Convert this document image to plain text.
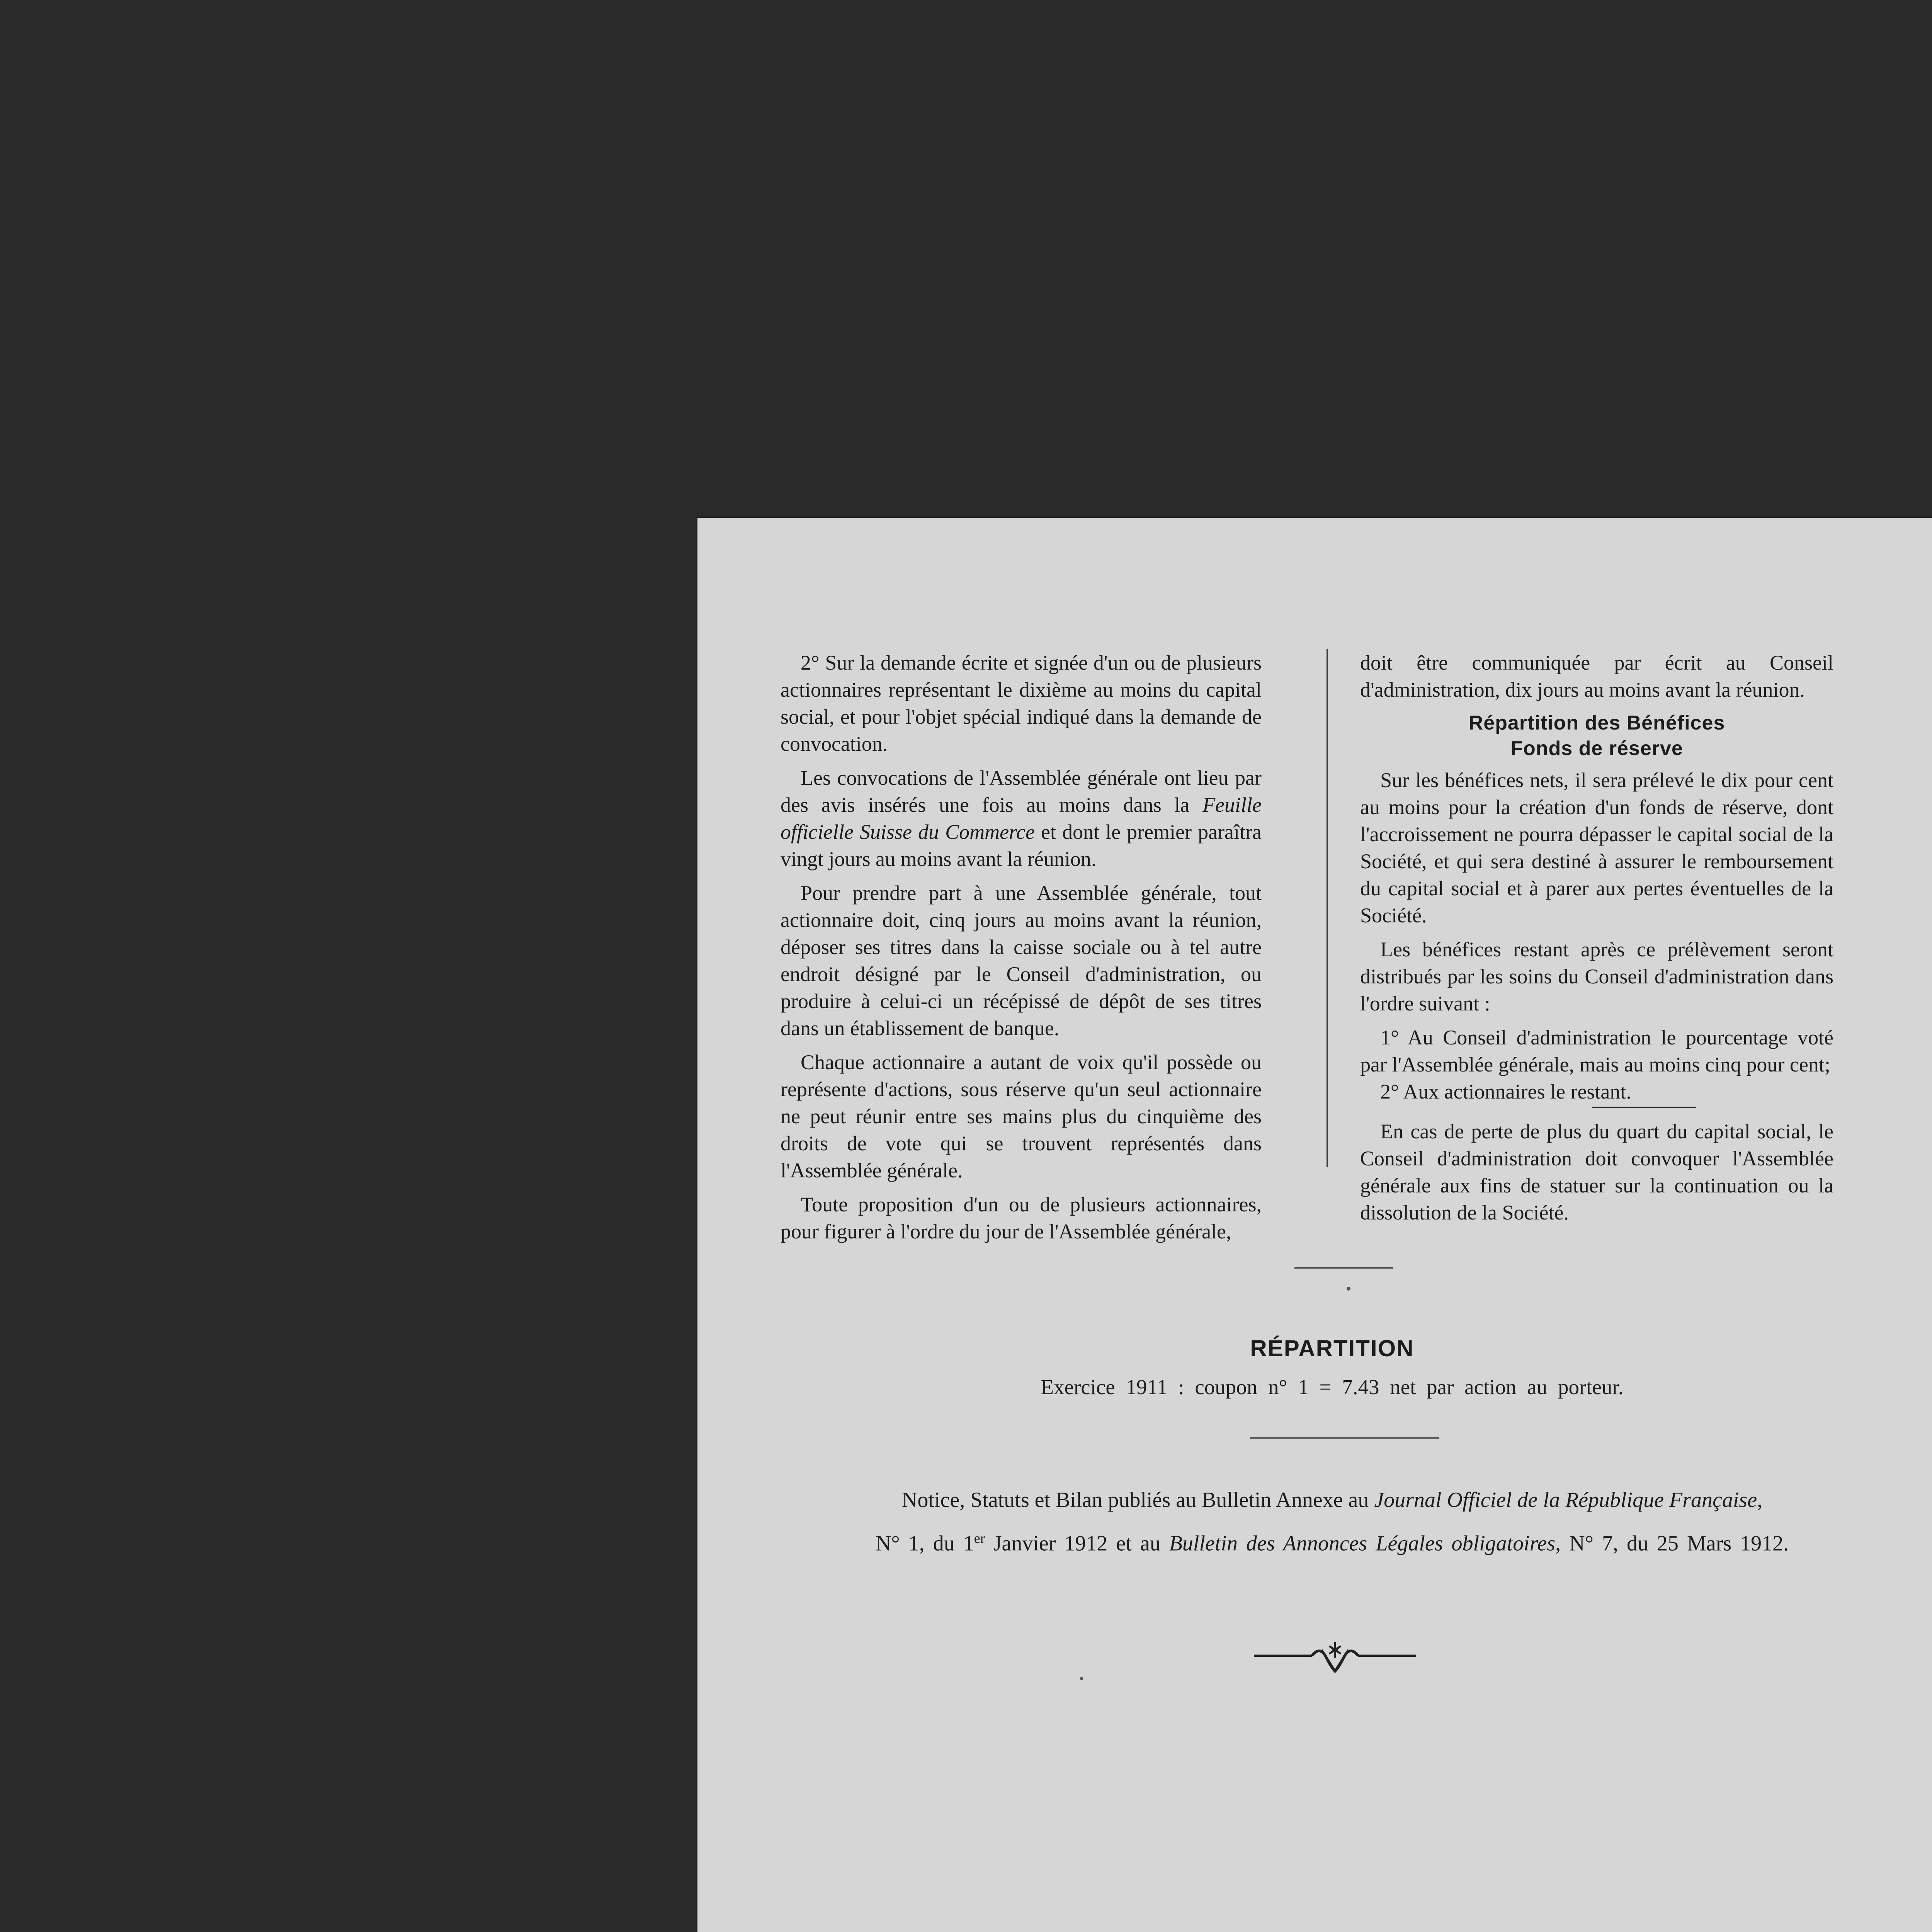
2° Sur la demande écrite et signée d'un ou de plusieurs actionnaires représentant le dixième au moins du capital social, et pour l'objet spécial indiqué dans la demande de convocation.

Les convocations de l'Assemblée générale ont lieu par des avis insérés une fois au moins dans la Feuille officielle Suisse du Commerce et dont le premier paraîtra vingt jours au moins avant la réunion.

Pour prendre part à une Assemblée générale, tout actionnaire doit, cinq jours au moins avant la réunion, déposer ses titres dans la caisse sociale ou à tel autre endroit désigné par le Conseil d'administration, ou produire à celui-ci un récépissé de dépôt de ses titres dans un établissement de banque.

Chaque actionnaire a autant de voix qu'il possède ou représente d'actions, sous réserve qu'un seul actionnaire ne peut réunir entre ses mains plus du cinquième des droits de vote qui se trouvent représentés dans l'Assemblée générale.

Toute proposition d'un ou de plusieurs actionnaires, pour figurer à l'ordre du jour de l'Assemblée générale,

doit être communiquée par écrit au Conseil d'administration, dix jours au moins avant la réunion.

Répartition des Bénéfices
Fonds de réserve

Sur les bénéfices nets, il sera prélevé le dix pour cent au moins pour la création d'un fonds de réserve, dont l'accroissement ne pourra dépasser le capital social de la Société, et qui sera destiné à assurer le remboursement du capital social et à parer aux pertes éventuelles de la Société.

Les bénéfices restant après ce prélèvement seront distribués par les soins du Conseil d'administration dans l'ordre suivant :

1° Au Conseil d'administration le pourcentage voté par l'Assemblée générale, mais au moins cinq pour cent;

2° Aux actionnaires le restant.

En cas de perte de plus du quart du capital social, le Conseil d'administration doit convoquer l'Assemblée générale aux fins de statuer sur la continuation ou la dissolution de la Société.

RÉPARTITION
Exercice 1911 : coupon n° 1 = 7.43 net par action au porteur.
Notice, Statuts et Bilan publiés au Bulletin Annexe au Journal Officiel de la République Française,
N° 1, du 1er Janvier 1912 et au Bulletin des Annonces Légales obligatoires, N° 7, du 25 Mars 1912.
